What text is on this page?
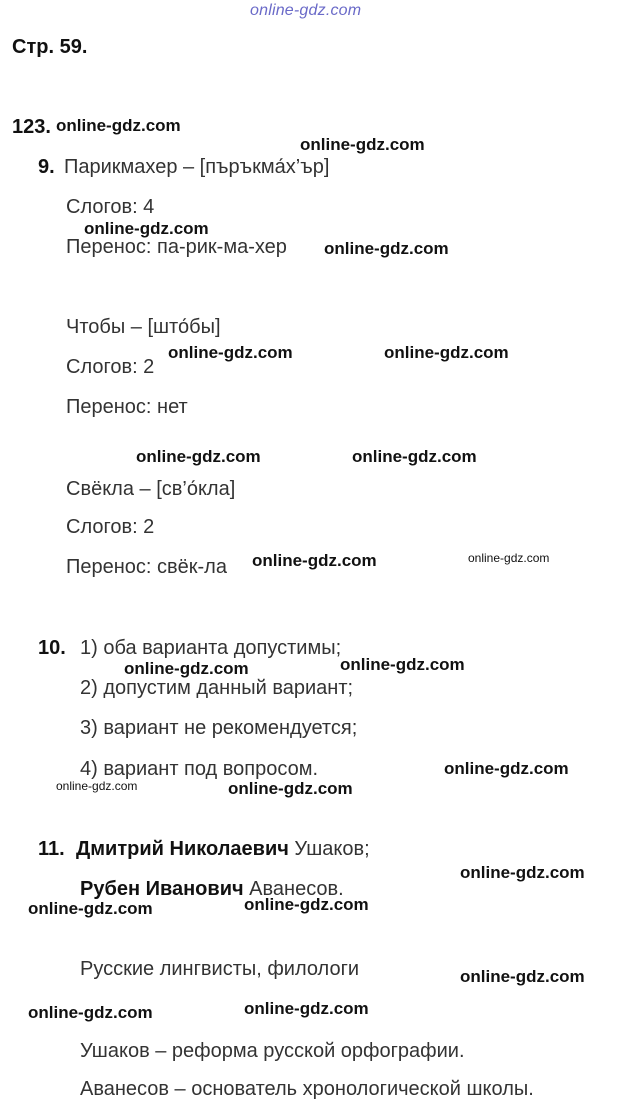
online-gdz.com
Стр. 59.
123.
9. Парикмахер – [пъръкма́х’ър]
Слогов: 4
Перенос: па-рик-ма-хер
Чтобы – [што́бы]
Слогов: 2
Перенос: нет
Свёкла – [св’о́кла]
Слогов: 2
Перенос: свёк-ла
10. 1) оба варианта допустимы;
2) допустим данный вариант;
3) вариант не рекомендуется;
4) вариант под вопросом.
11. Дмитрий Николаевич Ушаков;
Рубен Иванович Аванесов.
Русские лингвисты, филологи
Ушаков – реформа русской орфографии.
Аванесов – основатель хронологической школы.
online-gdz.com
online-gdz.com
online-gdz.com
online-gdz.com
online-gdz.com	online-gdz.com
online-gdz.com	online-gdz.com
online-gdz.com	online-gdz.com
online-gdz.com	online-gdz.com
online-gdz.com
online-gdz.com	online-gdz.com
online-gdz.com
online-gdz.com	online-gdz.com
online-gdz.com
online-gdz.com	online-gdz.com
